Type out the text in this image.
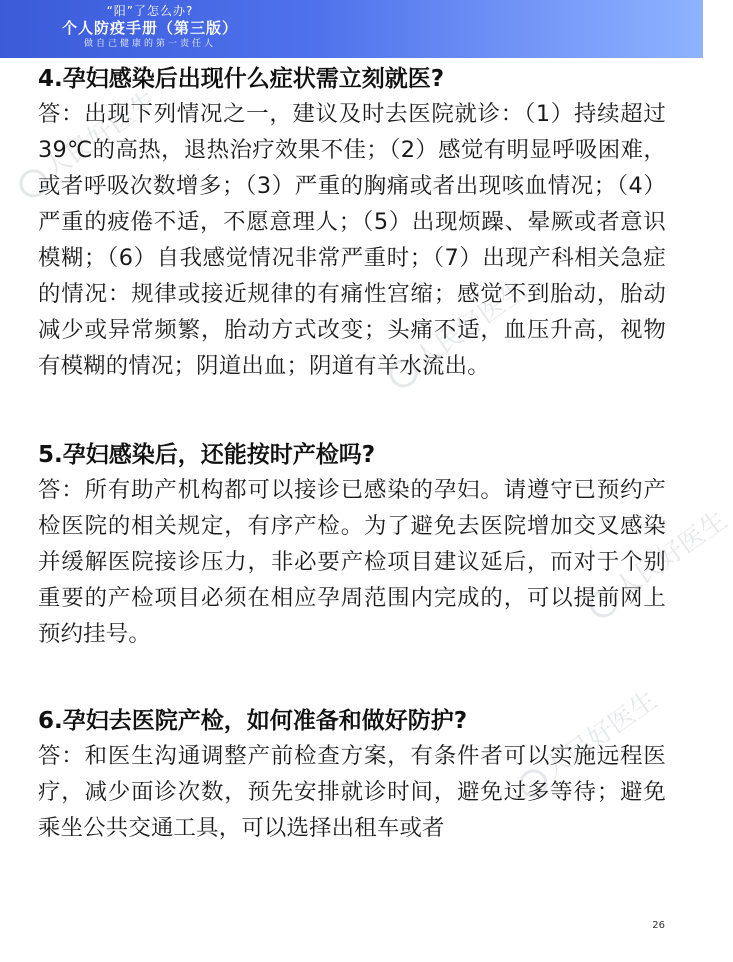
“阳”了怎么办?
个人防疫手册（第三版）
做自己健康的第一责任人
人民好医生
人民好医生
人民好医生
人民好医生
4.孕妇感染后出现什么症状需立刻就医?

答：出现下列情况之一，建议及时去医院就诊：（1）持续超过 39℃的高热，退热治疗效果不佳；（2）感觉有明显呼吸困难，或者呼吸次数增多；（3）严重的胸痛或者出现咳血情况；（4）严重的疲倦不适，不愿意理人；（5）出现烦躁、晕厥或者意识模糊；（6）自我感觉情况非常严重时；（7）出现产科相关急症的情况：规律或接近规律的有痛性宫缩；感觉不到胎动，胎动减少或异常频繁，胎动方式改变；头痛不适，血压升高，视物有模糊的情况；阴道出血；阴道有羊水流出。

5.孕妇感染后，还能按时产检吗?

答：所有助产机构都可以接诊已感染的孕妇。请遵守已预约产检医院的相关规定，有序产检。为了避免去医院增加交叉感染并缓解医院接诊压力，非必要产检项目建议延后，而对于个别重要的产检项目必须在相应孕周范围内完成的，可以提前网上预约挂号。

6.孕妇去医院产检，如何准备和做好防护?

答：和医生沟通调整产前检查方案，有条件者可以实施远程医疗，减少面诊次数，预先安排就诊时间，避免过多等待；避免乘坐公共交通工具，可以选择出租车或者

26
